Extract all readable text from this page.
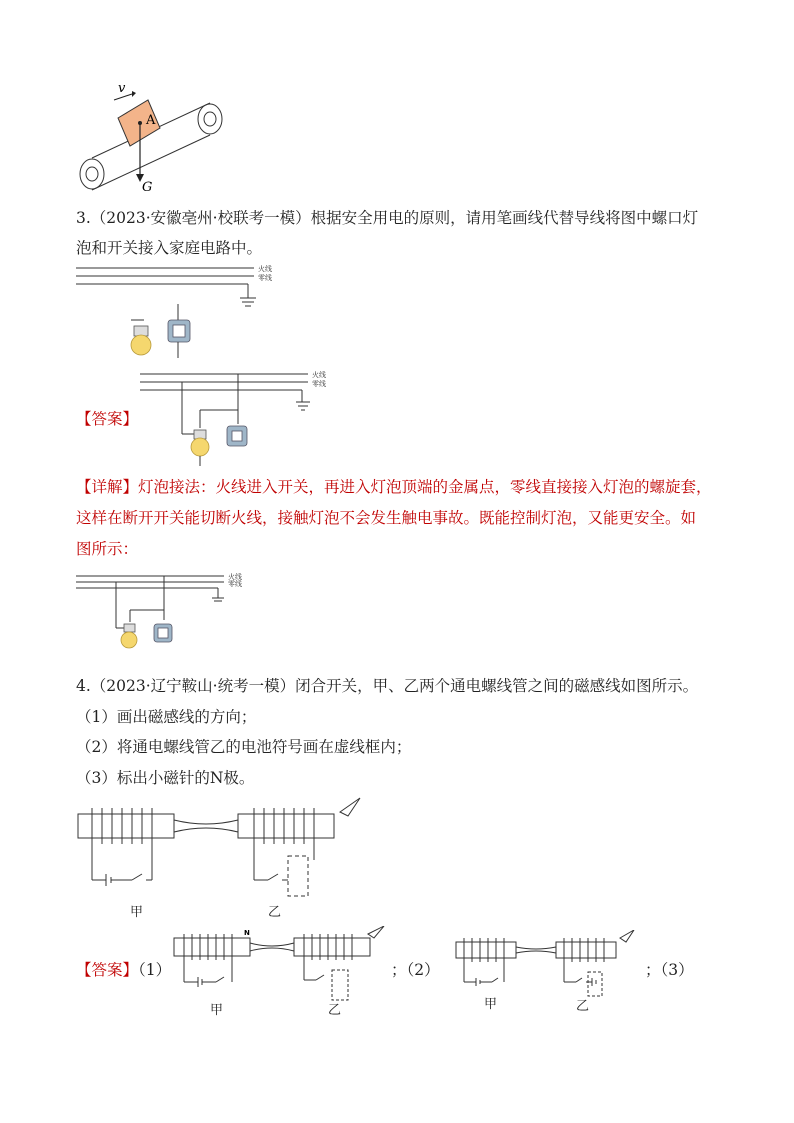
v
A
G
3.（2023·安徽亳州·校联考一模）根据安全用电的原则，请用笔画线代替导线将图中螺口灯
泡和开关接入家庭电路中。
火线
零线
【答案】
火线
零线
【详解】灯泡接法：火线进入开关，再进入灯泡顶端的金属点，零线直接接入灯泡的螺旋套，
这样在断开开关能切断火线，接触灯泡不会发生触电事故。既能控制灯泡，又能更安全。如
图所示：
火线
零线
4.（2023·辽宁鞍山·统考一模）闭合开关，甲、乙两个通电螺线管之间的磁感线如图所示。
（1）画出磁感线的方向；
（2）将通电螺线管乙的电池符号画在虚线框内；
（3）标出小磁针的N极。
甲	乙
【答案】（1）
N
甲	乙
；（2）
甲	乙
；（3）
